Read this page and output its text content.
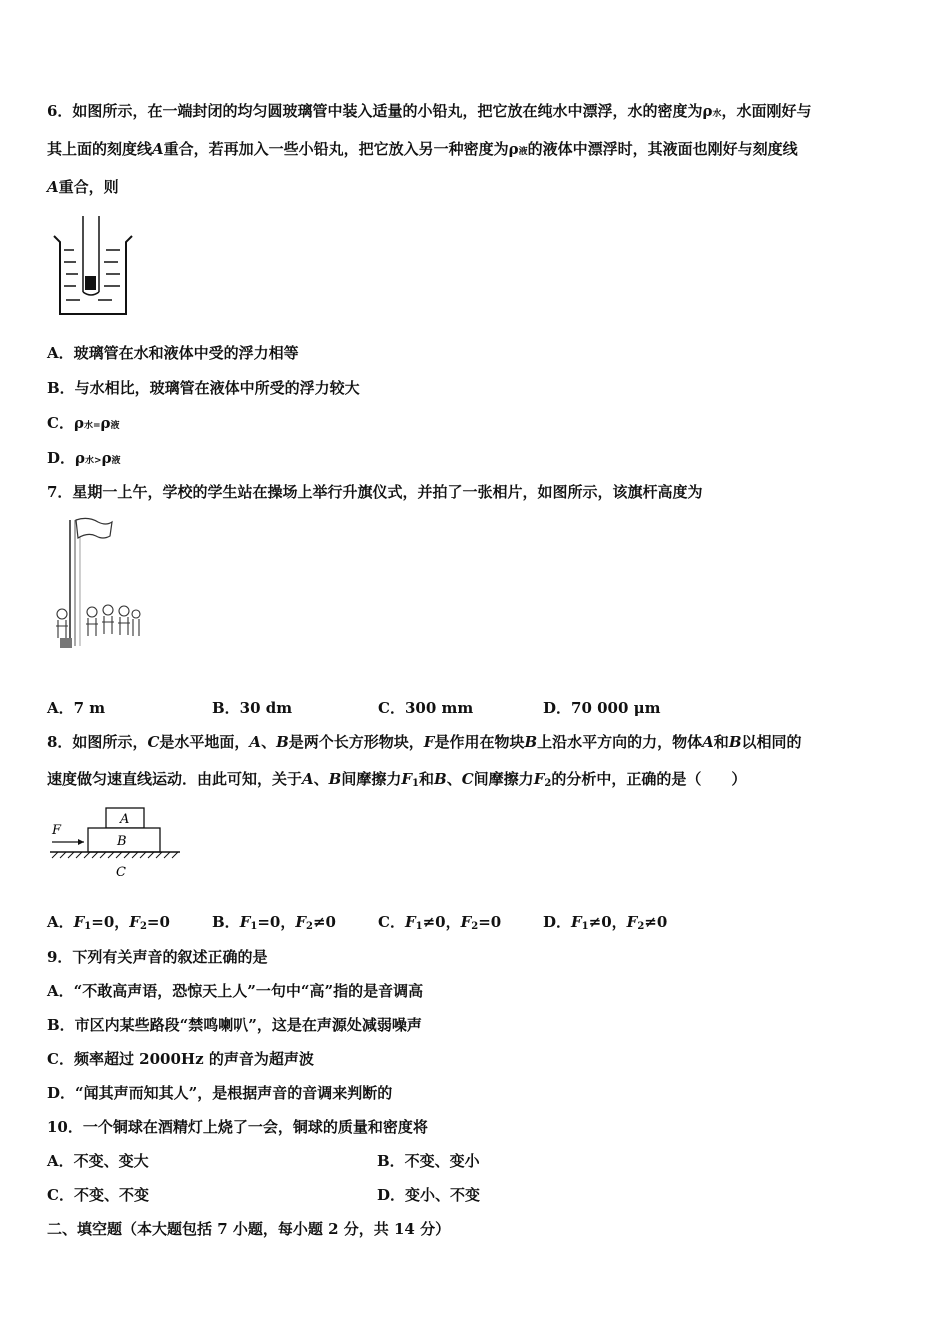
6．如图所示，在一端封闭的均匀圆玻璃管中装入适量的小铅丸，把它放在纯水中漂浮，水的密度为ρ水，水面刚好与
其上面的刻度线A重合，若再加入一些小铅丸，把它放入另一种密度为ρ液的液体中漂浮时，其液面也刚好与刻度线
A重合，则
A．玻璃管在水和液体中受的浮力相等
B．与水相比，玻璃管在液体中所受的浮力较大
C．ρ水=ρ液
D．ρ水>ρ液
7．星期一上午，学校的学生站在操场上举行升旗仪式，并拍了一张相片，如图所示，该旗杆高度为
A．7 m	B．30 dm	C．300 mm	D．70 000 μm
8．如图所示，C是水平地面，A、B是两个长方形物块，F是作用在物块B上沿水平方向的力，物体A和B以相同的
速度做匀速直线运动．由此可知，关于A、B间摩擦力F1和B、C间摩擦力F2的分析中，正确的是（　　）
F
A
B
C
A．F1=0，F2=0	B．F1=0，F2≠0	C．F1≠0，F2=0	D．F1≠0，F2≠0
9．下列有关声音的叙述正确的是
A．“不敢高声语，恐惊天上人”一句中“高”指的是音调高
B．市区内某些路段“禁鸣喇叭”，这是在声源处减弱噪声
C．频率超过 2000Hz 的声音为超声波
D．“闻其声而知其人”，是根据声音的音调来判断的
10．一个铜球在酒精灯上烧了一会，铜球的质量和密度将
A．不变、变大	B．不变、变小
C．不变、不变	D．变小、不变
二、填空题（本大题包括 7 小题，每小题 2 分，共 14 分）
